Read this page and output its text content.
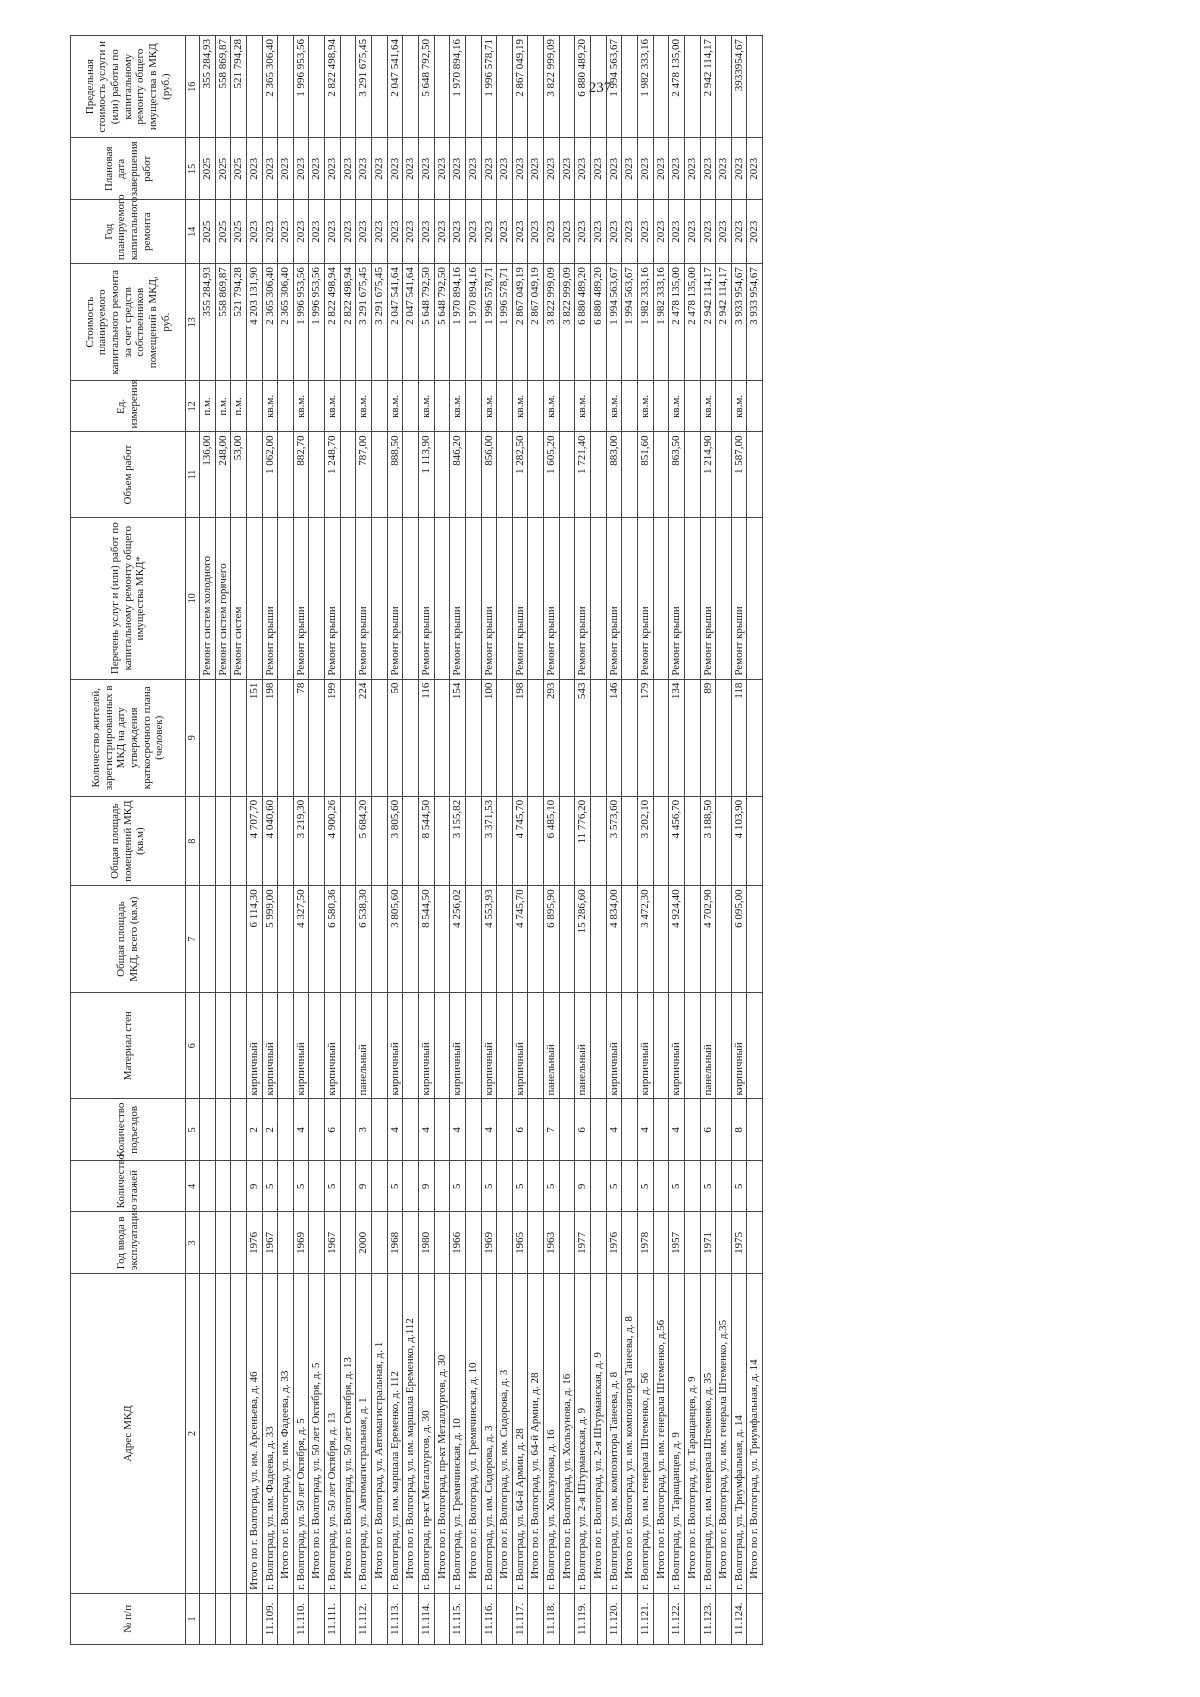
237
№ п/п	Адрес МКД	Год ввода в эксплуатацию	Количество этажей	Количество подъездов	Материал стен	Общая площадь МКД, всего (кв.м)	Общая площадь помещений МКД (кв.м)	Количество жителей, зарегистрированных в МКД на дату утверждения краткосрочного плана (человек)	Перечень услуг и (или) работ по капитальному ремонту общего имущества МКД*	Объем работ	Ед. измерения	Стоимость планируемого капитального ремонта за счет средств собственников помещений в МКД, руб.	Год планируемого капитального ремонта	Плановая дата завершения работ	Предельная стоимость услуги и (или) работы по капитальному ремонту общего имущества в МКД (руб.)
1	2	3	4	5	6	7	8	9	10	11	12	13	14	15	16
									Ремонт систем холодного	136,00	п.м.	355 284,93	2025	2025	355 284,93
									Ремонт систем горячего	248,00	п.м.	558 869,87	2025	2025	558 869,87
									Ремонт систем	53,00	п.м.	521 794,28	2025	2025	521 794,28
	Итого по г. Волгоград, ул. им. Арсеньева, д. 46	1976	9	2	кирпичный	6 114,30	4 707,70	151				4 203 131,90	2023	2023	
11.109.	г. Волгоград, ул. им. Фадеева, д. 33	1967	5	2	кирпичный	5 999,00	4 040,60	198	Ремонт крыши	1 062,00	кв.м.	2 365 306,40	2023	2023	2 365 306,40
	Итого по г. Волгоград, ул. им. Фадеева, д. 33											2 365 306,40	2023	2023	
11.110.	г. Волгоград, ул. 50 лет Октября, д. 5	1969	5	4	кирпичный	4 327,50	3 219,30	78	Ремонт крыши	882,70	кв.м.	1 996 953,56	2023	2023	1 996 953,56
	Итого по г. Волгоград, ул. 50 лет Октября, д. 5											1 996 953,56	2023	2023	
11.111.	г. Волгоград, ул. 50 лет Октября, д. 13	1967	5	6	кирпичный	6 580,36	4 900,26	199	Ремонт крыши	1 248,70	кв.м.	2 822 498,94	2023	2023	2 822 498,94
	Итого по г. Волгоград, ул. 50 лет Октября, д. 13											2 822 498,94	2023	2023	
11.112.	г. Волгоград, ул. Автомагистральная, д. 1	2000	9	3	панельный	6 538,30	5 684,20	224	Ремонт крыши	787,00	кв.м.	3 291 675,45	2023	2023	3 291 675,45
	Итого по г. Волгоград, ул. Автомагистральная, д. 1											3 291 675,45	2023	2023	
11.113.	г. Волгоград, ул. им. маршала Еременко, д. 112	1968	5	4	кирпичный	3 805,60	3 805,60	50	Ремонт крыши	888,50	кв.м.	2 047 541,64	2023	2023	2 047 541,64
	Итого по г. Волгоград, ул. им. маршала Еременко, д.112											2 047 541,64	2023	2023	
11.114.	г. Волгоград, пр-кт Металлургов, д. 30	1980	9	4	кирпичный	8 544,50	8 544,50	116	Ремонт крыши	1 113,90	кв.м.	5 648 792,50	2023	2023	5 648 792,50
	Итого по г. Волгоград, пр-кт Металлургов, д. 30											5 648 792,50	2023	2023	
11.115.	г. Волгоград, ул. Гремячинская, д. 10	1966	5	4	кирпичный	4 256,02	3 155,82	154	Ремонт крыши	846,20	кв.м.	1 970 894,16	2023	2023	1 970 894,16
	Итого по г. Волгоград, ул. Гремячинская, д. 10											1 970 894,16	2023	2023	
11.116.	г. Волгоград, ул. им. Сидорова, д. 3	1969	5	4	кирпичный	4 553,93	3 371,53	100	Ремонт крыши	856,00	кв.м.	1 996 578,71	2023	2023	1 996 578,71
	Итого по г. Волгоград, ул. им. Сидорова, д. 3											1 996 578,71	2023	2023	
11.117.	г. Волгоград, ул. 64-й Армии, д. 28	1965	5	6	кирпичный	4 745,70	4 745,70	198	Ремонт крыши	1 282,50	кв.м.	2 867 049,19	2023	2023	2 867 049,19
	Итого по г. Волгоград, ул. 64-й Армии, д. 28											2 867 049,19	2023	2023	
11.118.	г. Волгоград, ул. Хользунова, д. 16	1963	5	7	панельный	6 895,90	6 485,10	293	Ремонт крыши	1 605,20	кв.м.	3 822 999,09	2023	2023	3 822 999,09
	Итого по г. Волгоград, ул. Хользунова, д. 16											3 822 999,09	2023	2023	
11.119.	г. Волгоград, ул. 2-я Штурманская, д. 9	1977	9	6	панельный	15 286,60	11 776,20	543	Ремонт крыши	1 721,40	кв.м.	6 880 489,20	2023	2023	6 880 489,20
	Итого по г. Волгоград, ул. 2-я Штурманская, д. 9											6 880 489,20	2023	2023	
11.120.	г. Волгоград, ул. им. композитора Танеева, д. 8	1976	5	4	кирпичный	4 834,00	3 573,60	146	Ремонт крыши	883,00	кв.м.	1 994 563,67	2023	2023	1 994 563,67
	Итого по г. Волгоград, ул. им. композитора Танеева, д. 8											1 994 563,67	2023	2023	
11.121.	г. Волгоград, ул. им. генерала Штеменко, д. 56	1978	5	4	кирпичный	3 472,30	3 202,10	179	Ремонт крыши	851,60	кв.м.	1 982 333,16	2023	2023	1 982 333,16
	Итого по г. Волгоград, ул. им. генерала Штеменко, д.56											1 982 333,16	2023	2023	
11.122.	г. Волгоград, ул. Таращанцев, д. 9	1957	5	4	кирпичный	4 924,40	4 456,70	134	Ремонт крыши	863,50	кв.м.	2 478 135,00	2023	2023	2 478 135,00
	Итого по г. Волгоград, ул. Таращанцев, д. 9											2 478 135,00	2023	2023	
11.123.	г. Волгоград, ул. им. генерала Штеменко, д. 35	1971	5	6	панельный	4 702,90	3 188,50	89	Ремонт крыши	1 214,90	кв.м.	2 942 114,17	2023	2023	2 942 114,17
	Итого по г. Волгоград, ул. им. генерала Штеменко, д.35											2 942 114,17	2023	2023	
11.124.	г. Волгоград, ул. Триумфальная, д. 14	1975	5	8	кирпичный	6 095,00	4 103,90	118	Ремонт крыши	1 587,00	кв.м.	3 933 954,67	2023	2023	3933954,67
	Итого по г. Волгоград, ул. Триумфальная, д. 14											3 933 954,67	2023	2023	
